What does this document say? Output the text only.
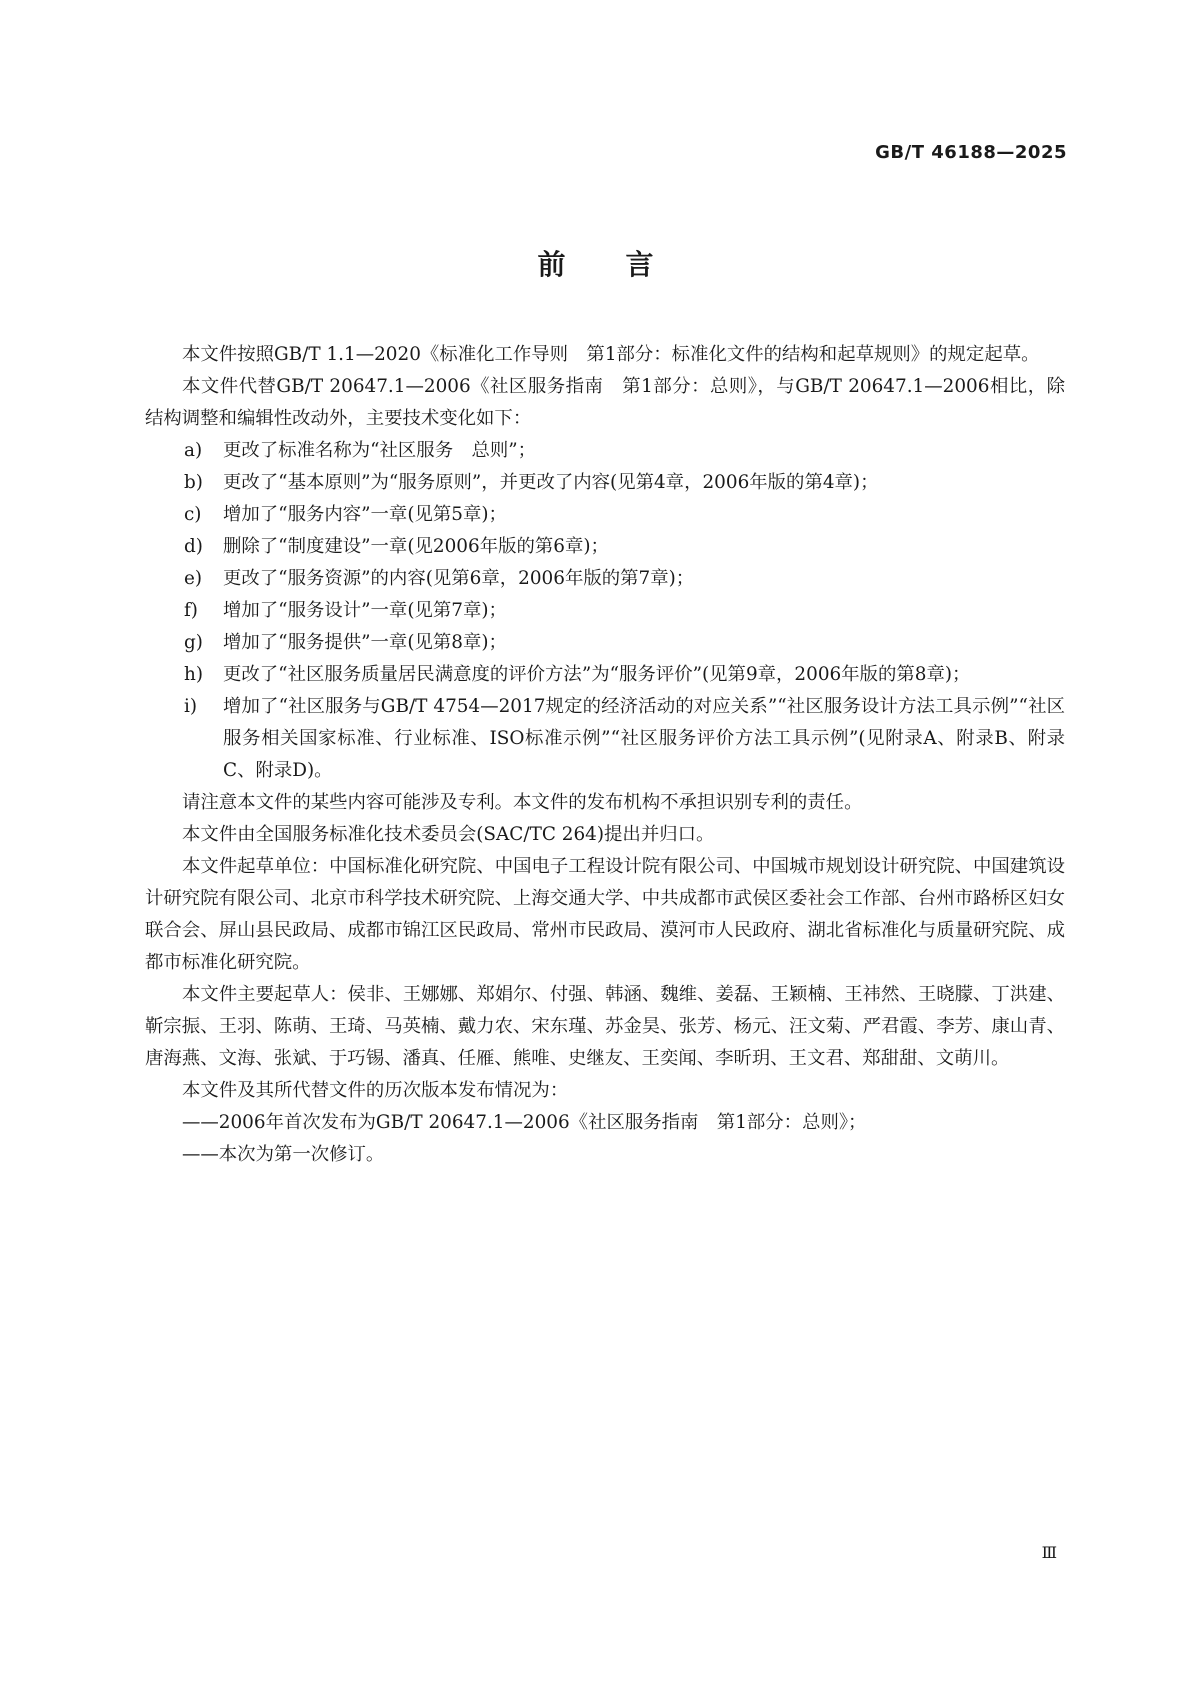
GB/T 46188—2025

前言

本文件按照GB/T 1.1—2020《标准化工作导则　第1部分：标准化文件的结构和起草规则》的规定起草。

本文件代替GB/T 20647.1—2006《社区服务指南　第1部分：总则》，与GB/T 20647.1—2006相比，除结构调整和编辑性改动外，主要技术变化如下：

a) 更改了标准名称为“社区服务　总则”；
b) 更改了“基本原则”为“服务原则”，并更改了内容(见第4章，2006年版的第4章)；
c) 增加了“服务内容”一章(见第5章)；
d) 删除了“制度建设”一章(见2006年版的第6章)；
e) 更改了“服务资源”的内容(见第6章，2006年版的第7章)；
f) 增加了“服务设计”一章(见第7章)；
g) 增加了“服务提供”一章(见第8章)；
h) 更改了“社区服务质量居民满意度的评价方法”为“服务评价”(见第9章，2006年版的第8章)；
i) 增加了“社区服务与GB/T 4754—2017规定的经济活动的对应关系”“社区服务设计方法工具示例”“社区服务相关国家标准、行业标准、ISO标准示例”“社区服务评价方法工具示例”(见附录A、附录B、附录C、附录D)。

请注意本文件的某些内容可能涉及专利。本文件的发布机构不承担识别专利的责任。

本文件由全国服务标准化技术委员会(SAC/TC 264)提出并归口。

本文件起草单位：中国标准化研究院、中国电子工程设计院有限公司、中国城市规划设计研究院、中国建筑设计研究院有限公司、北京市科学技术研究院、上海交通大学、中共成都市武侯区委社会工作部、台州市路桥区妇女联合会、屏山县民政局、成都市锦江区民政局、常州市民政局、漠河市人民政府、湖北省标准化与质量研究院、成都市标准化研究院。

本文件主要起草人：侯非、王娜娜、郑娟尔、付强、韩涵、魏维、姜磊、王颖楠、王祎然、王晓朦、丁洪建、靳宗振、王羽、陈萌、王琦、马英楠、戴力农、宋东瑾、苏金昊、张芳、杨元、汪文菊、严君霞、李芳、康山青、唐海燕、文海、张斌、于巧锡、潘真、任雁、熊唯、史继友、王奕闻、李昕玥、王文君、郑甜甜、文萌川。

本文件及其所代替文件的历次版本发布情况为：

——2006年首次发布为GB/T 20647.1—2006《社区服务指南　第1部分：总则》；

——本次为第一次修订。

Ⅲ
